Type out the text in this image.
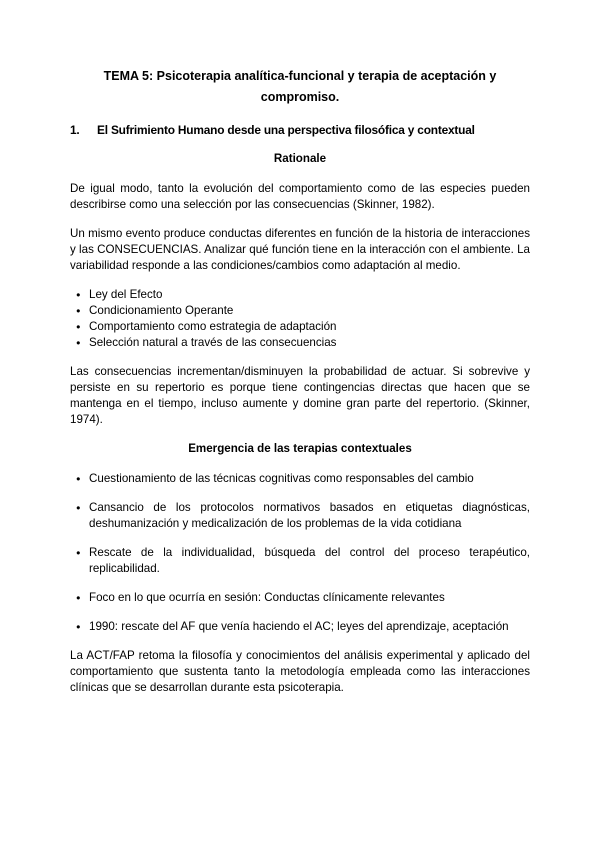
TEMA 5: Psicoterapia analítica-funcional y terapia de aceptación y compromiso.
1.	El Sufrimiento Humano desde una perspectiva filosófica y contextual
Rationale

De igual modo, tanto la evolución del comportamiento como de las especies pueden describirse como una selección por las consecuencias (Skinner, 1982).

Un mismo evento produce conductas diferentes en función de la historia de interacciones y las CONSECUENCIAS. Analizar qué función tiene en la interacción con el ambiente. La variabilidad responde a las condiciones/cambios como adaptación al medio.

● Ley del Efecto
● Condicionamiento Operante
● Comportamiento como estrategia de adaptación
● Selección natural a través de las consecuencias

Las consecuencias incrementan/disminuyen la probabilidad de actuar. Si sobrevive y persiste en su repertorio es porque tiene contingencias directas que hacen que se mantenga en el tiempo, incluso aumente y domine gran parte del repertorio. (Skinner, 1974).

Emergencia de las terapias contextuales
● Cuestionamiento de las técnicas cognitivas como responsables del cambio
● Cansancio de los protocolos normativos basados en etiquetas diagnósticas, deshumanización y medicalización de los problemas de la vida cotidiana
● Rescate de la individualidad, búsqueda del control del proceso terapéutico, replicabilidad.
● Foco en lo que ocurría en sesión: Conductas clínicamente relevantes
● 1990: rescate del AF que venía haciendo el AC; leyes del aprendizaje, aceptación

La ACT/FAP retoma la filosofía y conocimientos del análisis experimental y aplicado del comportamiento que sustenta tanto la metodología empleada como las interacciones clínicas que se desarrollan durante esta psicoterapia.
